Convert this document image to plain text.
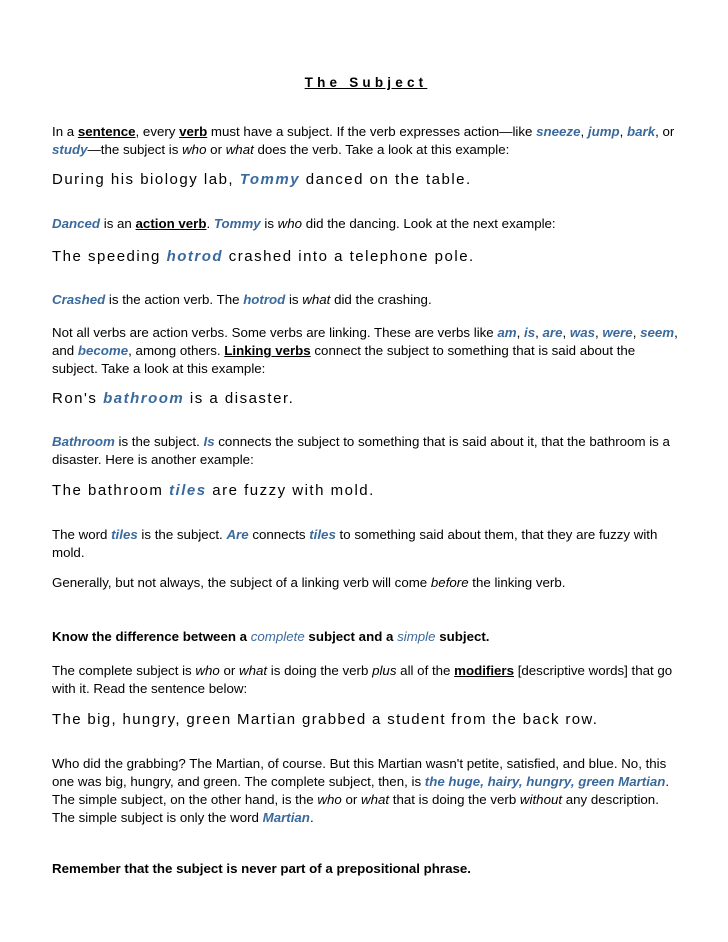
The Subject
In a sentence, every verb must have a subject. If the verb expresses action—like sneeze, jump, bark, or study—the subject is who or what does the verb. Take a look at this example:
During his biology lab, Tommy danced on the table.
Danced is an action verb. Tommy is who did the dancing. Look at the next example:
The speeding hotrod crashed into a telephone pole.
Crashed is the action verb. The hotrod is what did the crashing.
Not all verbs are action verbs. Some verbs are linking. These are verbs like am, is, are, was, were, seem, and become, among others. Linking verbs connect the subject to something that is said about the subject. Take a look at this example:
Ron's bathroom is a disaster.
Bathroom is the subject. Is connects the subject to something that is said about it, that the bathroom is a disaster. Here is another example:
The bathroom tiles are fuzzy with mold.
The word tiles is the subject. Are connects tiles to something said about them, that they are fuzzy with mold.
Generally, but not always, the subject of a linking verb will come before the linking verb.
Know the difference between a complete subject and a simple subject.
The complete subject is who or what is doing the verb plus all of the modifiers [descriptive words] that go with it. Read the sentence below:
The big, hungry, green Martian grabbed a student from the back row.
Who did the grabbing? The Martian, of course. But this Martian wasn't petite, satisfied, and blue. No, this one was big, hungry, and green. The complete subject, then, is the huge, hairy, hungry, green Martian. The simple subject, on the other hand, is the who or what that is doing the verb without any description. The simple subject is only the word Martian.
Remember that the subject is never part of a prepositional phrase.
